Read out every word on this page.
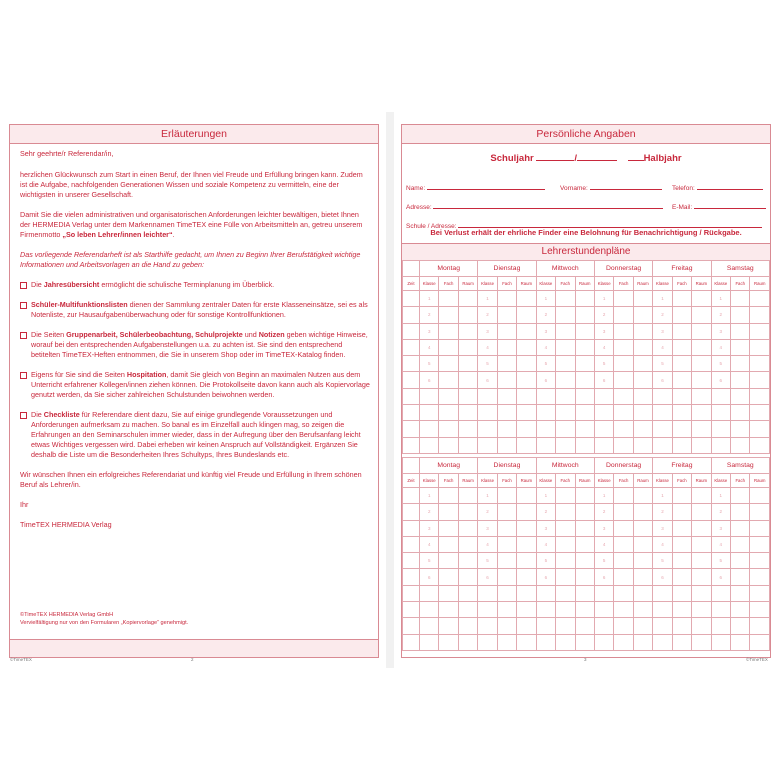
Erläuterungen

Sehr geehrte/r Referendar/in,

herzlichen Glückwunsch zum Start in einen Beruf, der Ihnen viel Freude und Erfüllung bringen kann. Zudem ist die Aufgabe, nachfolgenden Generationen Wissen und soziale Kompetenz zu vermitteln, eine der wichtigsten in unserer Gesellschaft.

Damit Sie die vielen administrativen und organisatorischen Anforderungen leichter bewältigen, bietet Ihnen der HERMEDIA Verlag unter dem Markennamen TimeTEX eine Fülle von Arbeitsmitteln an, getreu unserem Firmenmotto „So leben Lehrer/innen leichter“.

Das vorliegende Referendarheft ist als Starthilfe gedacht, um Ihnen zu Beginn Ihrer Berufstätigkeit wichtige Informationen und Arbeitsvorlagen an die Hand zu geben:

Die Jahresübersicht ermöglicht die schulische Terminplanung im Überblick.
Schüler-Multifunktionslisten dienen der Sammlung zentraler Daten für erste Klasseneinsätze, sei es als Notenliste, zur Hausaufgabenüberwachung oder für sonstige Kontrollfunktionen.
Die Seiten Gruppenarbeit, Schülerbeobachtung, Schulprojekte und Notizen geben wichtige Hinweise, worauf bei den entsprechenden Aufgabenstellungen u.a. zu achten ist. Sie sind den entsprechend betitelten TimeTEX-Heften entnommen, die Sie in unserem Shop oder im TimeTEX-Katalog finden.
Eigens für Sie sind die Seiten Hospitation, damit Sie gleich von Beginn an maximalen Nutzen aus dem Unterricht erfahrener Kollegen/innen ziehen können. Die Protokollseite davon kann auch als Kopiervorlage genutzt werden, da Sie sicher zahlreichen Schulstunden beiwohnen werden.
Die Checkliste für Referendare dient dazu, Sie auf einige grundlegende Voraussetzungen und Anforderungen aufmerksam zu machen. So banal es im Einzelfall auch klingen mag, so zeigen die Erfahrungen an den Seminarschulen immer wieder, dass in der Aufregung über den Berufsanfang leicht etwas Wichtiges vergessen wird. Dabei erheben wir keinen Anspruch auf Vollständigkeit. Ergänzen Sie deshalb die Liste um die Besonderheiten Ihres Schultyps, Ihres Bundeslands etc.

Wir wünschen Ihnen ein erfolgreiches Referendariat und künftig viel Freude und Erfüllung in Ihrem schönen Beruf als Lehrer/in.

Ihr

TimeTEX HERMEDIA Verlag

©TimeTEX HERMEDIA Verlag GmbH
Vervielfältigung nur von den Formularen „Kopiervorlage“ genehmigt.
©TimeTEX	2
Persönliche Angaben
Schuljahr	/	Halbjahr
Name:	Vorname:	Telefon:
Adresse:	E-Mail:
Schule / Adresse:
Bei Verlust erhält der ehrliche Finder eine Belohnung für Benachrichtigung / Rückgabe.
Lehrerstundenpläne
	Montag			Dienstag			Mittwoch			Donnerstag			Freitag			Samstag		
Zeit	Klasse	Fach	Raum	Klasse	Fach	Raum	Klasse	Fach	Raum	Klasse	Fach	Raum	Klasse	Fach	Raum	Klasse	Fach	Raum
	1			1			1			1			1			1		
	2			2			2			2			2			2		
	3			3			3			3			3			3		
	4			4			4			4			4			4		
	5			5			5			5			5			5		
	6			6			6			6			6			6		

	Montag			Dienstag			Mittwoch			Donnerstag			Freitag			Samstag		
Zeit	Klasse	Fach	Raum	Klasse	Fach	Raum	Klasse	Fach	Raum	Klasse	Fach	Raum	Klasse	Fach	Raum	Klasse	Fach	Raum
	1			1			1			1			1			1		
	2			2			2			2			2			2		
	3			3			3			3			3			3		
	4			4			4			4			4			4		
	5			5			5			5			5			5		
	6			6			6			6			6			6		

3	©TimeTEX
